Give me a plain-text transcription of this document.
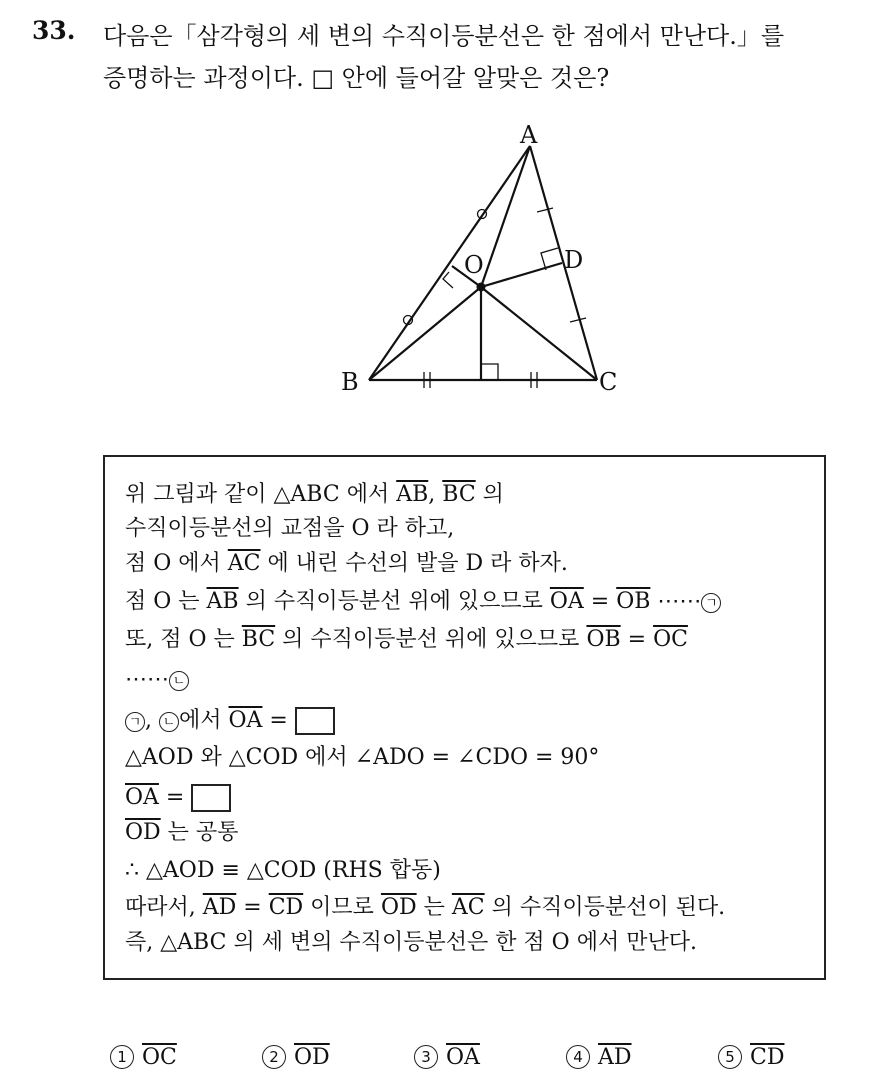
33. 다음은「삼각형의 세 변의 수직이등분선은 한 점에서 만난다.」를
증명하는 과정이다. □ 안에 들어갈 알맞은 것은?
A
B	C
D
O
위 그림과 같이 △ABC 에서 $\overline{AB}$, $\overline{BC}$ 의
수직이등분선의 교점을 O 라 하고,
점 O 에서 $\overline{AC}$ 에 내린 수선의 발을 D 라 하자.
점 O 는 $\overline{AB}$ 의 수직이등분선 위에 있으므로 $\overline{OA} = \overline{OB}$ ⋯⋯ ㄱ
또, 점 O 는 $\overline{BC}$ 의 수직이등분선 위에 있으므로 $\overline{OB} = \overline{OC}$
⋯⋯ ㄴ
ㄱ , ㄴ 에서 $\overline{OA}$ =
△AOD 와 △COD 에서 ∠ADO = ∠CDO = 90°
$\overline{OA}$ =
$\overline{OD}$ 는 공통
∴ △AOD ≡ △COD (RHS 합동)
따라서, $\overline{AD} = \overline{CD}$ 이므로 $\overline{OD}$ 는 $\overline{AC}$ 의 수직이등분선이 된다.
즉, △ABC 의 세 변의 수직이등분선은 한 점 O 에서 만난다.
1 $\overline{OC}$	2 $\overline{OD}$	3 $\overline{OA}$	4 $\overline{AD}$	5 $\overline{CD}$
